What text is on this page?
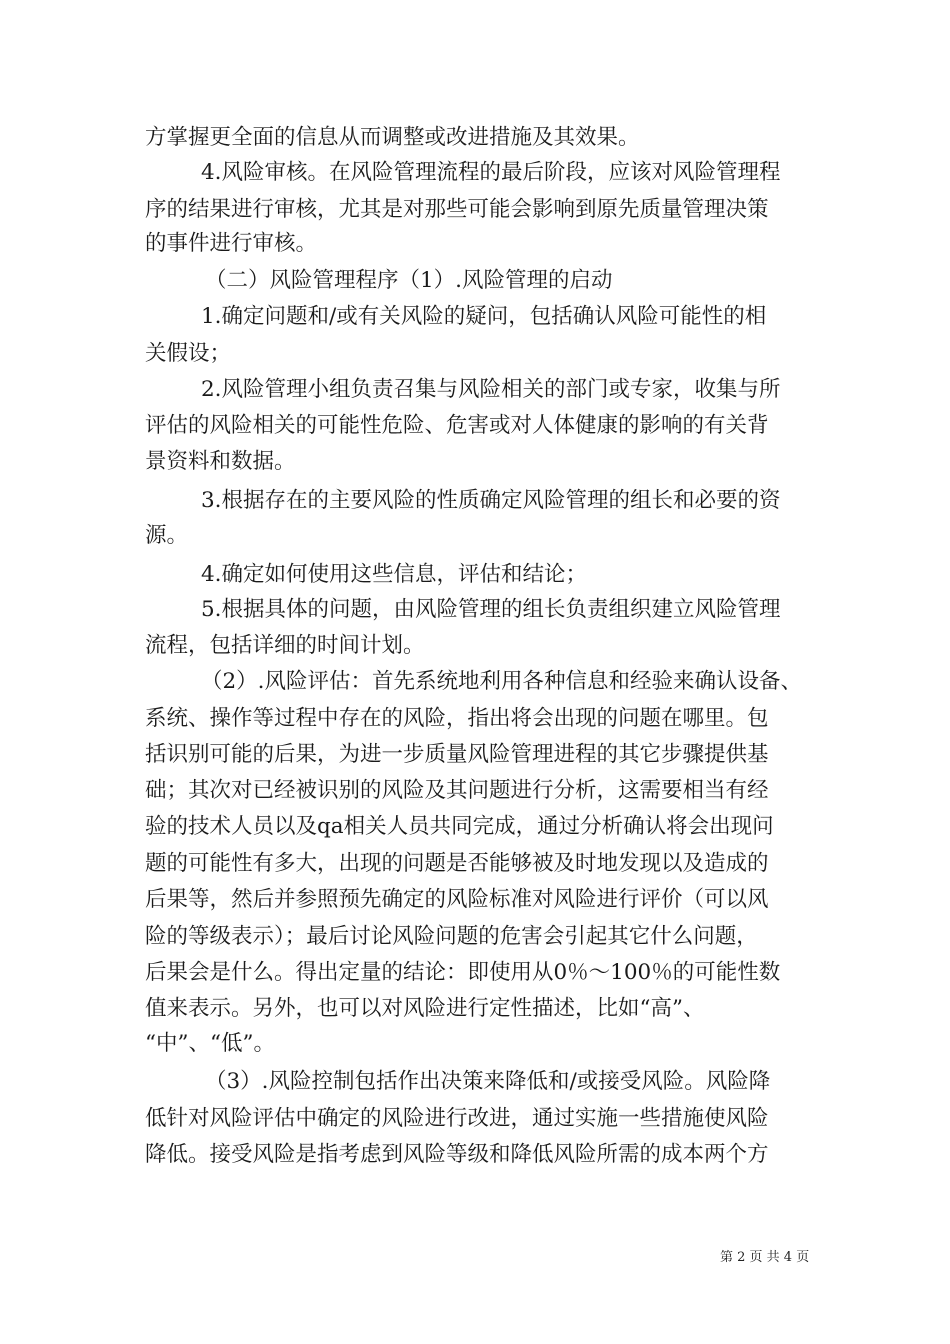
方掌握更全面的信息从而调整或改进措施及其效果。
4.风险审核。在风险管理流程的最后阶段，应该对风险管理程
序的结果进行审核，尤其是对那些可能会影响到原先质量管理决策
的事件进行审核。
（二）风险管理程序（1）.风险管理的启动
1.确定问题和/或有关风险的疑问，包括确认风险可能性的相
关假设；
2.风险管理小组负责召集与风险相关的部门或专家，收集与所
评估的风险相关的可能性危险、危害或对人体健康的影响的有关背
景资料和数据。
3.根据存在的主要风险的性质确定风险管理的组长和必要的资
源。
4.确定如何使用这些信息，评估和结论；
5.根据具体的问题，由风险管理的组长负责组织建立风险管理
流程，包括详细的时间计划。
（2）.风险评估：首先系统地利用各种信息和经验来确认设备、
系统、操作等过程中存在的风险，指出将会出现的问题在哪里。包
括识别可能的后果，为进一步质量风险管理进程的其它步骤提供基
础；其次对已经被识别的风险及其问题进行分析，这需要相当有经
验的技术人员以及qa相关人员共同完成，通过分析确认将会出现问
题的可能性有多大，出现的问题是否能够被及时地发现以及造成的
后果等，然后并参照预先确定的风险标准对风险进行评价（可以风
险的等级表示）；最后讨论风险问题的危害会引起其它什么问题，
后果会是什么。得出定量的结论：即使用从0％～100％的可能性数
值来表示。另外，也可以对风险进行定性描述，比如“高”、
“中”、“低”。
（3）.风险控制包括作出决策来降低和/或接受风险。风险降
低针对风险评估中确定的风险进行改进，通过实施一些措施使风险
降低。接受风险是指考虑到风险等级和降低风险所需的成本两个方
第 2 页 共 4 页
